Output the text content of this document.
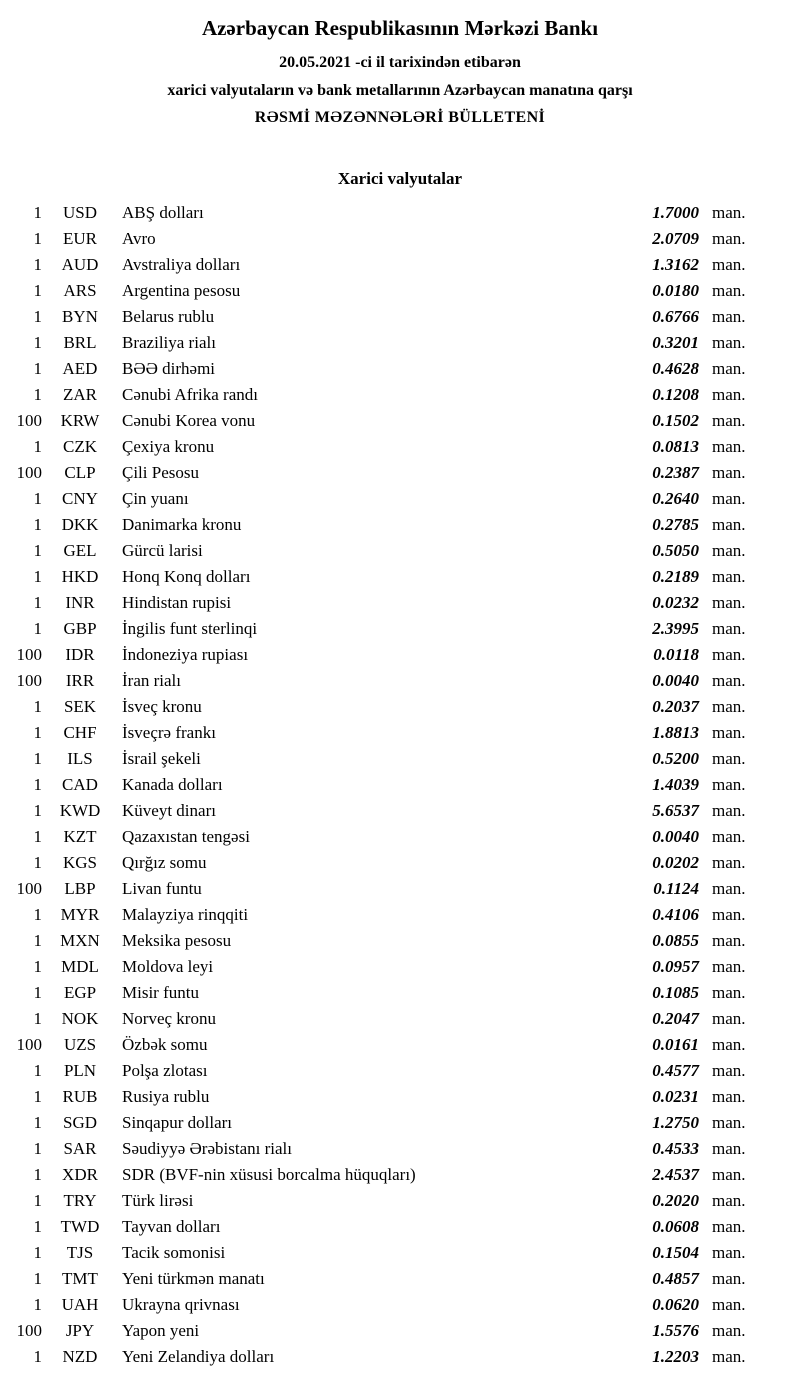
Azərbaycan Respublikasının Mərkəzi Bankı
20.05.2021 -ci il tarixindən etibarən
xarici valyutaların və bank metallarının Azərbaycan manatına qarşı
RƏSMİ MƏZƏNNƏLƏRİ BÜLLETENİ
Xarici valyutalar
1	USD	ABŞ dolları	1.7000 man.
1	EUR	Avro	2.0709 man.
1	AUD	Avstraliya dolları	1.3162 man.
1	ARS	Argentina pesosu	0.0180 man.
1	BYN	Belarus rublu	0.6766 man.
1	BRL	Braziliya rialı	0.3201 man.
1	AED	BƏƏ dirhəmi	0.4628 man.
1	ZAR	Cənubi Afrika randı	0.1208 man.
100	KRW	Cənubi Korea vonu	0.1502 man.
1	CZK	Çexiya kronu	0.0813 man.
100	CLP	Çili Pesosu	0.2387 man.
1	CNY	Çin yuanı	0.2640 man.
1	DKK	Danimarka kronu	0.2785 man.
1	GEL	Gürcü larisi	0.5050 man.
1	HKD	Honq Konq dolları	0.2189 man.
1	INR	Hindistan rupisi	0.0232 man.
1	GBP	İngilis funt sterlinqi	2.3995 man.
100	IDR	İndoneziya rupiası	0.0118 man.
100	IRR	İran rialı	0.0040 man.
1	SEK	İsveç kronu	0.2037 man.
1	CHF	İsveçrə frankı	1.8813 man.
1	ILS	İsrail şekeli	0.5200 man.
1	CAD	Kanada dolları	1.4039 man.
1	KWD	Küveyt dinarı	5.6537 man.
1	KZT	Qazaxıstan tengəsi	0.0040 man.
1	KGS	Qırğız somu	0.0202 man.
100	LBP	Livan funtu	0.1124 man.
1	MYR	Malayziya rinqqiti	0.4106 man.
1	MXN	Meksika pesosu	0.0855 man.
1	MDL	Moldova leyi	0.0957 man.
1	EGP	Misir funtu	0.1085 man.
1	NOK	Norveç kronu	0.2047 man.
100	UZS	Özbək somu	0.0161 man.
1	PLN	Polşa zlotası	0.4577 man.
1	RUB	Rusiya rublu	0.0231 man.
1	SGD	Sinqapur dolları	1.2750 man.
1	SAR	Səudiyyə Ərəbistanı rialı	0.4533 man.
1	XDR	SDR (BVF-nin xüsusi borcalma hüquqları)	2.4537 man.
1	TRY	Türk lirəsi	0.2020 man.
1	TWD	Tayvan dolları	0.0608 man.
1	TJS	Tacik somonisi	0.1504 man.
1	TMT	Yeni türkmən manatı	0.4857 man.
1	UAH	Ukrayna qrivnası	0.0620 man.
100	JPY	Yapon yeni	1.5576 man.
1	NZD	Yeni Zelandiya dolları	1.2203 man.
